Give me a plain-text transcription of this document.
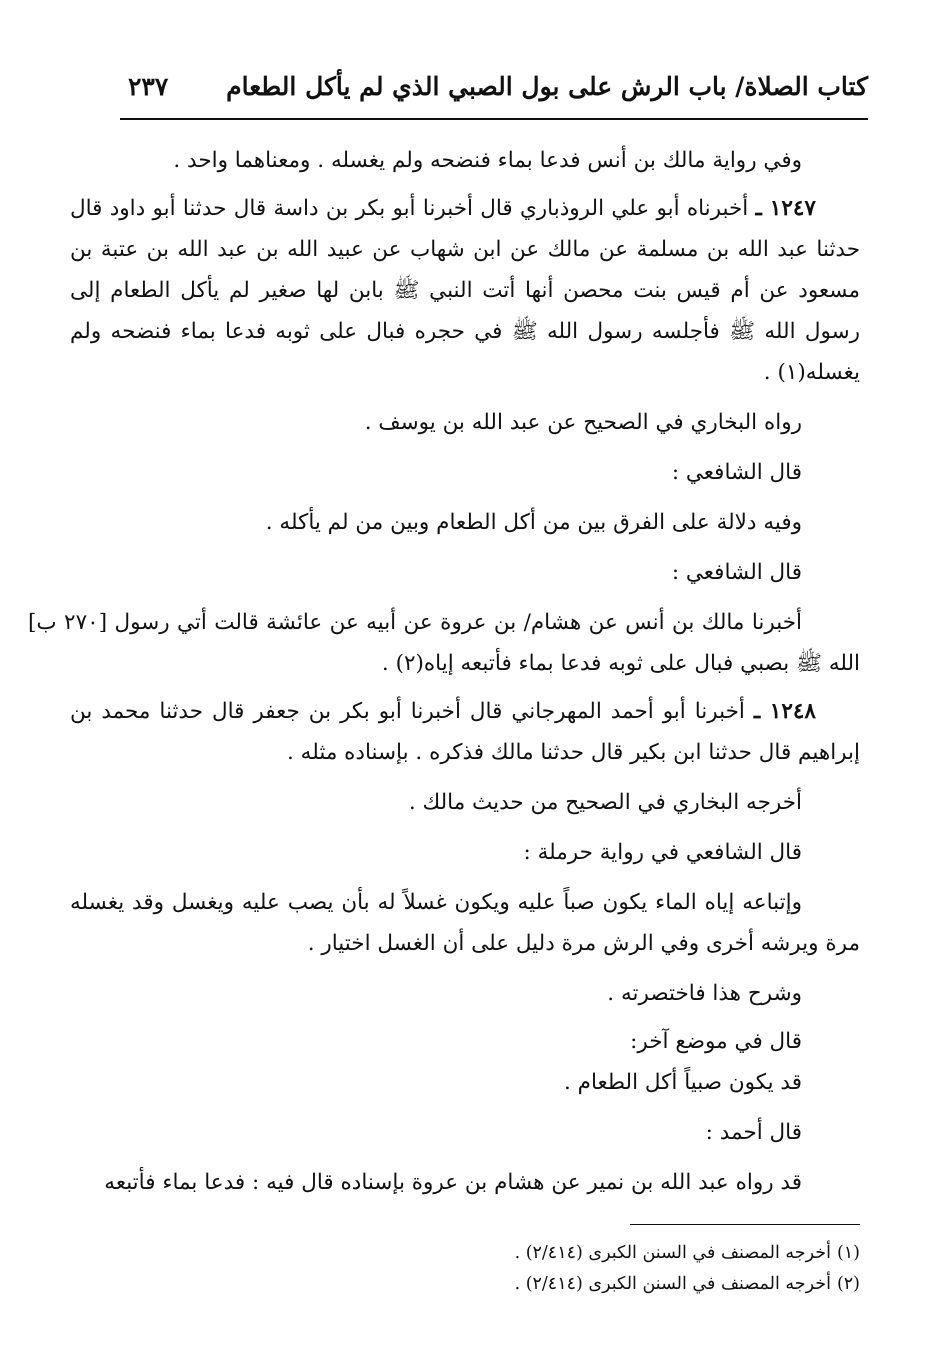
كتاب الصلاة/ باب الرش على بول الصبي الذي لم يأكل الطعام
٢٣٧

وفي رواية مالك بن أنس فدعا بماء فنضحه ولم يغسله . ومعناهما واحد .

١٢٤٧ ـ أخبرناه أبو علي الروذباري قال أخبرنا أبو بكر بن داسة قال حدثنا أبو داود قال حدثنا عبد الله بن مسلمة عن مالك عن ابن شهاب عن عبيد الله بن عبد الله بن عتبة بن مسعود عن أم قيس بنت محصن أنها أتت النبي ﷺ بابن لها صغير لم يأكل الطعام إلى رسول الله ﷺ فأجلسه رسول الله ﷺ في حجره فبال على ثوبه فدعا بماء فنضحه ولم يغسله(١) .

رواه البخاري في الصحيح عن عبد الله بن يوسف .

قال الشافعي :

وفيه دلالة على الفرق بين من أكل الطعام وبين من لم يأكله .

قال الشافعي :

أخبرنا مالك بن أنس عن هشام/ بن عروة عن أبيه عن عائشة قالت أتي رسول [٢٧٠ ب] الله ﷺ بصبي فبال على ثوبه فدعا بماء فأتبعه إياه(٢) .

١٢٤٨ ـ أخبرنا أبو أحمد المهرجاني قال أخبرنا أبو بكر بن جعفر قال حدثنا محمد بن إبراهيم قال حدثنا ابن بكير قال حدثنا مالك فذكره . بإسناده مثله .

أخرجه البخاري في الصحيح من حديث مالك .

قال الشافعي في رواية حرملة :

وإتباعه إياه الماء يكون صباً عليه ويكون غسلاً له بأن يصب عليه ويغسل وقد يغسله مرة ويرشه أخرى وفي الرش مرة دليل على أن الغسل اختيار .

وشرح هذا فاختصرته .

قال في موضع آخر:

قد يكون صبياً أكل الطعام .

قال أحمد :

قد رواه عبد الله بن نمير عن هشام بن عروة بإسناده قال فيه : فدعا بماء فأتبعه

(١)أخرجه المصنف في السنن الكبرى (٢/٤١٤) .

(٢)أخرجه المصنف في السنن الكبرى (٢/٤١٤) .
